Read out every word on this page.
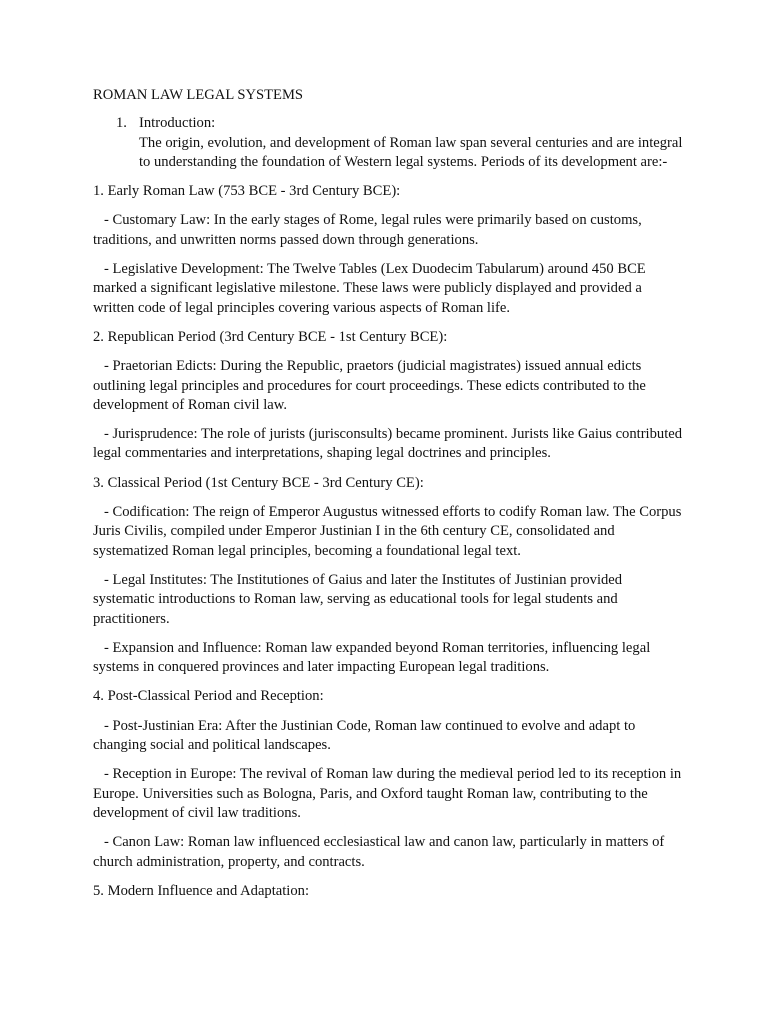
ROMAN LAW LEGAL SYSTEMS
1. Introduction:
The origin, evolution, and development of Roman law span several centuries and are integral to understanding the foundation of Western legal systems. Periods of its development are:-
1. Early Roman Law (753 BCE - 3rd Century BCE):
- Customary Law: In the early stages of Rome, legal rules were primarily based on customs, traditions, and unwritten norms passed down through generations.
- Legislative Development: The Twelve Tables (Lex Duodecim Tabularum) around 450 BCE marked a significant legislative milestone. These laws were publicly displayed and provided a written code of legal principles covering various aspects of Roman life.
2. Republican Period (3rd Century BCE - 1st Century BCE):
- Praetorian Edicts: During the Republic, praetors (judicial magistrates) issued annual edicts outlining legal principles and procedures for court proceedings. These edicts contributed to the development of Roman civil law.
- Jurisprudence: The role of jurists (jurisconsults) became prominent. Jurists like Gaius contributed legal commentaries and interpretations, shaping legal doctrines and principles.
3. Classical Period (1st Century BCE - 3rd Century CE):
- Codification: The reign of Emperor Augustus witnessed efforts to codify Roman law. The Corpus Juris Civilis, compiled under Emperor Justinian I in the 6th century CE, consolidated and systematized Roman legal principles, becoming a foundational legal text.
- Legal Institutes: The Institutiones of Gaius and later the Institutes of Justinian provided systematic introductions to Roman law, serving as educational tools for legal students and practitioners.
- Expansion and Influence: Roman law expanded beyond Roman territories, influencing legal systems in conquered provinces and later impacting European legal traditions.
4. Post-Classical Period and Reception:
- Post-Justinian Era: After the Justinian Code, Roman law continued to evolve and adapt to changing social and political landscapes.
- Reception in Europe: The revival of Roman law during the medieval period led to its reception in Europe. Universities such as Bologna, Paris, and Oxford taught Roman law, contributing to the development of civil law traditions.
- Canon Law: Roman law influenced ecclesiastical law and canon law, particularly in matters of church administration, property, and contracts.
5. Modern Influence and Adaptation:
